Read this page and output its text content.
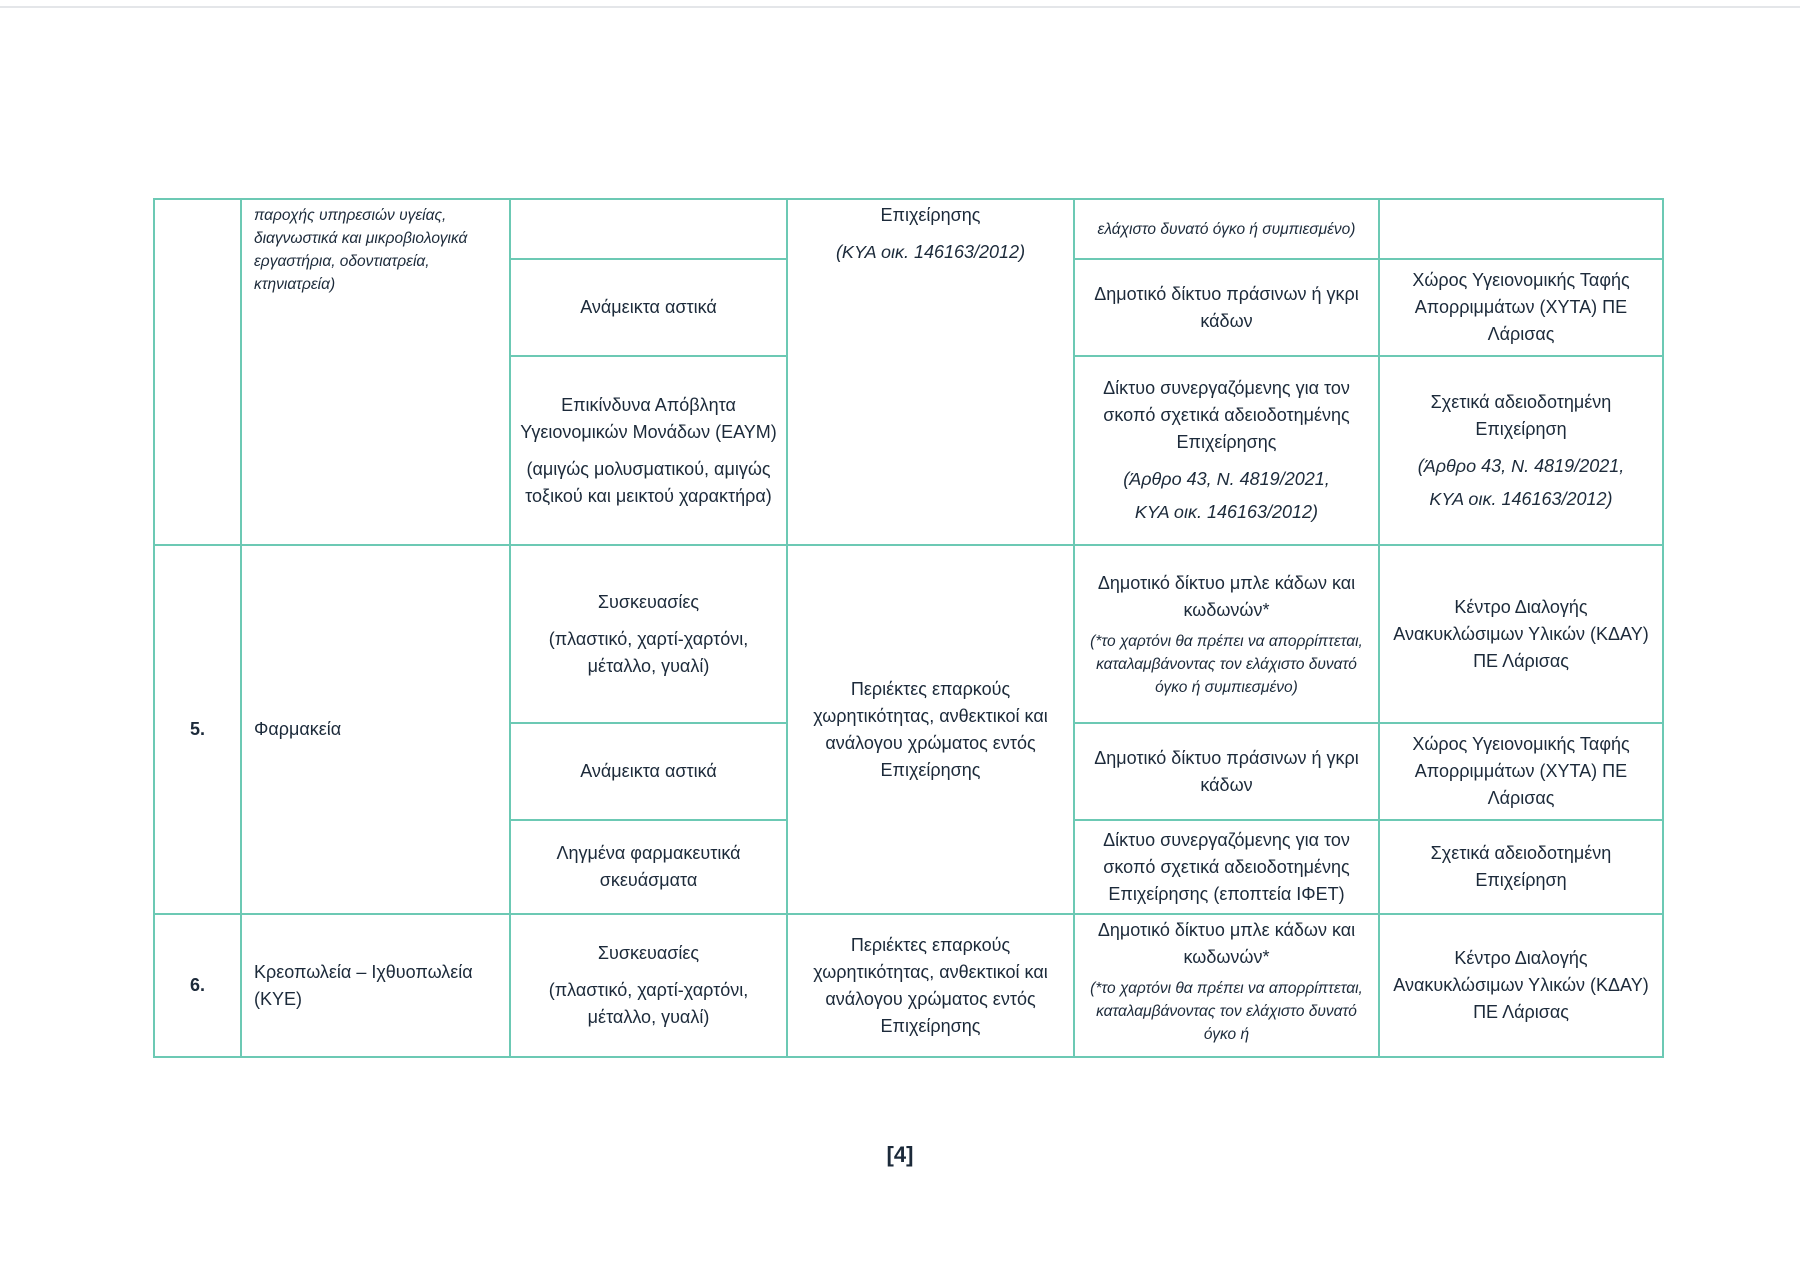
παροχής υπηρεσιών υγείας, διαγνωστικά και μικροβιολογικά εργαστήρια, οδοντιατρεία, κτηνιατρεία)
Ανάμεικτα αστικά
Επικίνδυνα Απόβλητα Υγειονομικών Μονάδων (ΕΑΥΜ)
(αμιγώς μολυσματικού, αμιγώς τοξικού και μεικτού χαρακτήρα)
Επιχείρησης
(ΚΥΑ οικ. 146163/2012)
ελάχιστο δυνατό όγκο ή συμπιεσμένο)
Δημοτικό δίκτυο πράσινων ή γκρι κάδων
Δίκτυο συνεργαζόμενης για τον σκοπό σχετικά αδειοδοτημένης Επιχείρησης
(Άρθρο 43, Ν. 4819/2021,
ΚΥΑ οικ. 146163/2012)
Χώρος Υγειονομικής Ταφής Απορριμμάτων (ΧΥΤΑ) ΠΕ Λάρισας
Σχετικά αδειοδοτημένη Επιχείρηση
(Άρθρο 43, Ν. 4819/2021,
ΚΥΑ οικ. 146163/2012)
5.	Φαρμακεία
Συσκευασίες
(πλαστικό, χαρτί-χαρτόνι, μέταλλο, γυαλί)
Ανάμεικτα αστικά
Ληγμένα φαρμακευτικά σκευάσματα
Περιέκτες επαρκούς χωρητικότητας, ανθεκτικοί και ανάλογου χρώματος εντός Επιχείρησης
Δημοτικό δίκτυο μπλε κάδων και κωδωνών*
(*το χαρτόνι θα πρέπει να απορρίπτεται, καταλαμβάνοντας τον ελάχιστο δυνατό όγκο ή συμπιεσμένο)
Δημοτικό δίκτυο πράσινων ή γκρι κάδων
Δίκτυο συνεργαζόμενης για τον σκοπό σχετικά αδειοδοτημένης Επιχείρησης (εποπτεία ΙΦΕΤ)
Κέντρο Διαλογής Ανακυκλώσιμων Υλικών (ΚΔΑΥ) ΠΕ Λάρισας
Χώρος Υγειονομικής Ταφής Απορριμμάτων (ΧΥΤΑ) ΠΕ Λάρισας
Σχετικά αδειοδοτημένη Επιχείρηση
6.
Κρεοπωλεία – Ιχθυοπωλεία (ΚΥΕ)
Συσκευασίες
(πλαστικό, χαρτί-χαρτόνι, μέταλλο, γυαλί)
Περιέκτες επαρκούς χωρητικότητας, ανθεκτικοί και ανάλογου χρώματος εντός Επιχείρησης
Δημοτικό δίκτυο μπλε κάδων και κωδωνών*
(*το χαρτόνι θα πρέπει να απορρίπτεται, καταλαμβάνοντας τον ελάχιστο δυνατό όγκο ή
Κέντρο Διαλογής Ανακυκλώσιμων Υλικών (ΚΔΑΥ) ΠΕ Λάρισας
[4]
